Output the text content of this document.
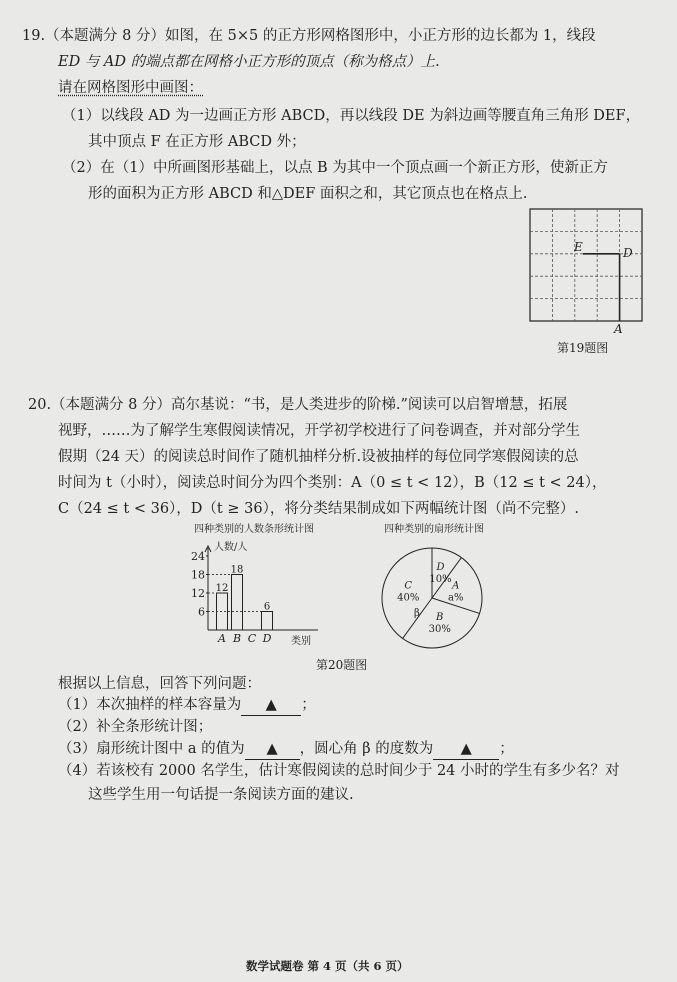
19.（本题满分 8 分）如图，在 5×5 的正方形网格图形中，小正方形的边长都为 1，线段
ED 与 AD 的端点都在网格小正方形的顶点（称为格点）上.
请在网格图形中画图：
（1）以线段 AD 为一边画正方形 ABCD，再以线段 DE 为斜边画等腰直角三角形 DEF，
其中顶点 F 在正方形 ABCD 外；
（2）在（1）中所画图形基础上，以点 B 为其中一个顶点画一个新正方形，使新正方
形的面积为正方形 ABCD 和△DEF 面积之和，其它顶点也在格点上.
E	D
A
第19题图
20.（本题满分 8 分）高尔基说：“书，是人类进步的阶梯.”阅读可以启智增慧，拓展
视野，……为了解学生寒假阅读情况，开学初学校进行了问卷调查，并对部分学生
假期（24 天）的阅读总时间作了随机抽样分析.设被抽样的每位同学寒假阅读的总
时间为 t（小时），阅读总时间分为四个类别：A（0 ≤ t < 12），B（12 ≤ t < 24），
C（24 ≤ t < 36），D（t ≥ 36），将分类结果制成如下两幅统计图（尚不完整）.
四种类别的人数条形统计图
人数/人
类别
6
12
18
24
A
12
B
18
C D
6
四种类别的扇形统计图
D
10%
A
a%
B
30%
C
40%
β
第20题图
根据以上信息，回答下列问题：
（1）本次抽样的样本容量为 ▲ ；
（2）补全条形统计图；
（3）扇形统计图中 a 的值为 ▲ ，圆心角 β 的度数为 ▲ ；
（4）若该校有 2000 名学生，估计寒假阅读的总时间少于 24 小时的学生有多少名？对
这些学生用一句话提一条阅读方面的建议.
数学试题卷 第 4 页（共 6 页）
